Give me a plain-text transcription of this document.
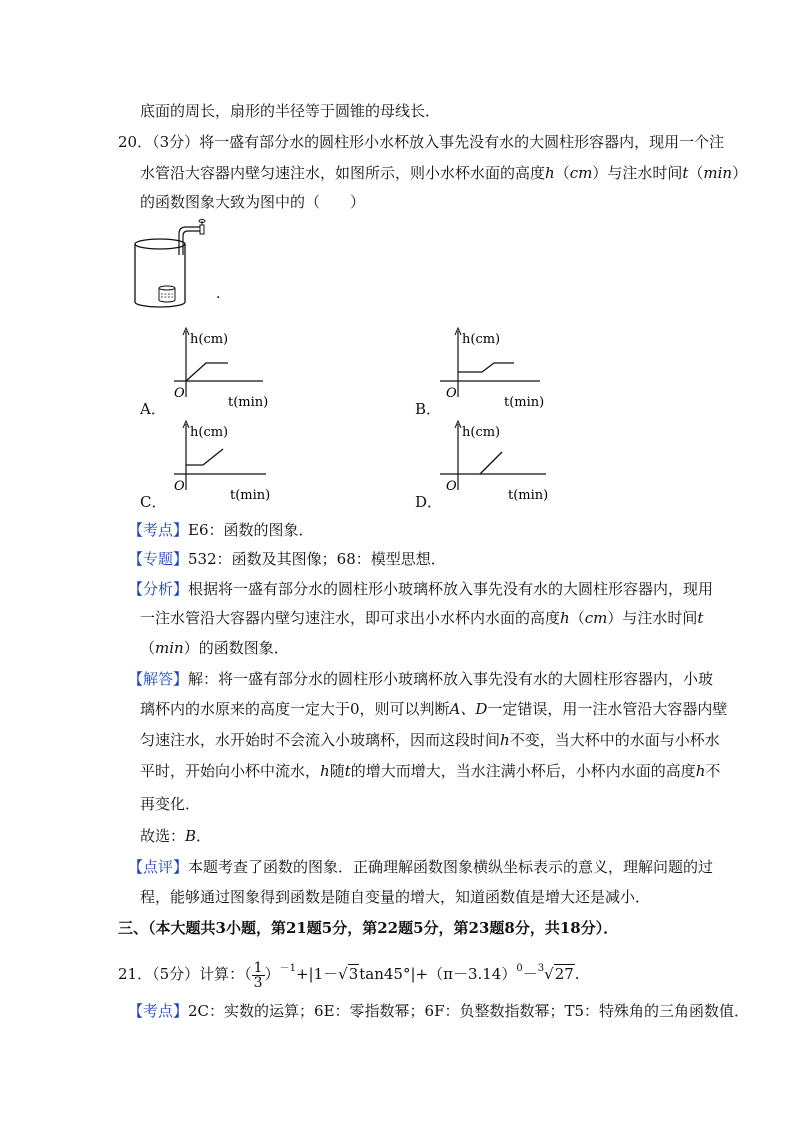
底面的周长，扇形的半径等于圆锥的母线长．
20．（3分）将一盛有部分水的圆柱形小水杯放入事先没有水的大圆柱形容器内，现用一个注
水管沿大容器内壁匀速注水，如图所示，则小水杯水面的高度h（cm）与注水时间t（min）
的函数图象大致为图中的（　　）
.
A．
h(cm)
t(min)
O
B．
h(cm)
t(min)
O
C．
h(cm)
t(min)
O
D．
h(cm)
t(min)
O
【考点】E6：函数的图象．
【专题】532：函数及其图像；68：模型思想．
【分析】根据将一盛有部分水的圆柱形小玻璃杯放入事先没有水的大圆柱形容器内，现用
一注水管沿大容器内壁匀速注水，即可求出小水杯内水面的高度h（cm）与注水时间t
（min）的函数图象．
【解答】解：将一盛有部分水的圆柱形小玻璃杯放入事先没有水的大圆柱形容器内，小玻
璃杯内的水原来的高度一定大于0，则可以判断A、D一定错误，用一注水管沿大容器内壁
匀速注水，水开始时不会流入小玻璃杯，因而这段时间h不变，当大杯中的水面与小杯水
平时，开始向小杯中流水，h随t的增大而增大，当水注满小杯后，小杯内水面的高度h不
再变化．
故选：B．
【点评】本题考查了函数的图象．正确理解函数图象横纵坐标表示的意义，理解问题的过
程，能够通过图象得到函数是随自变量的增大，知道函数值是增大还是减小．
三、（本大题共3小题，第21题5分，第22题5分，第23题8分，共18分）．
21．（5分）计算：（ $\frac{1}{3} )^{-1}+|1-√3\tan 45^\circ|+(\pi-3.14)^0-^3√27$.
【考点】2C：实数的运算；6E：零指数幂；6F：负整数指数幂；T5：特殊角的三角函数值．
